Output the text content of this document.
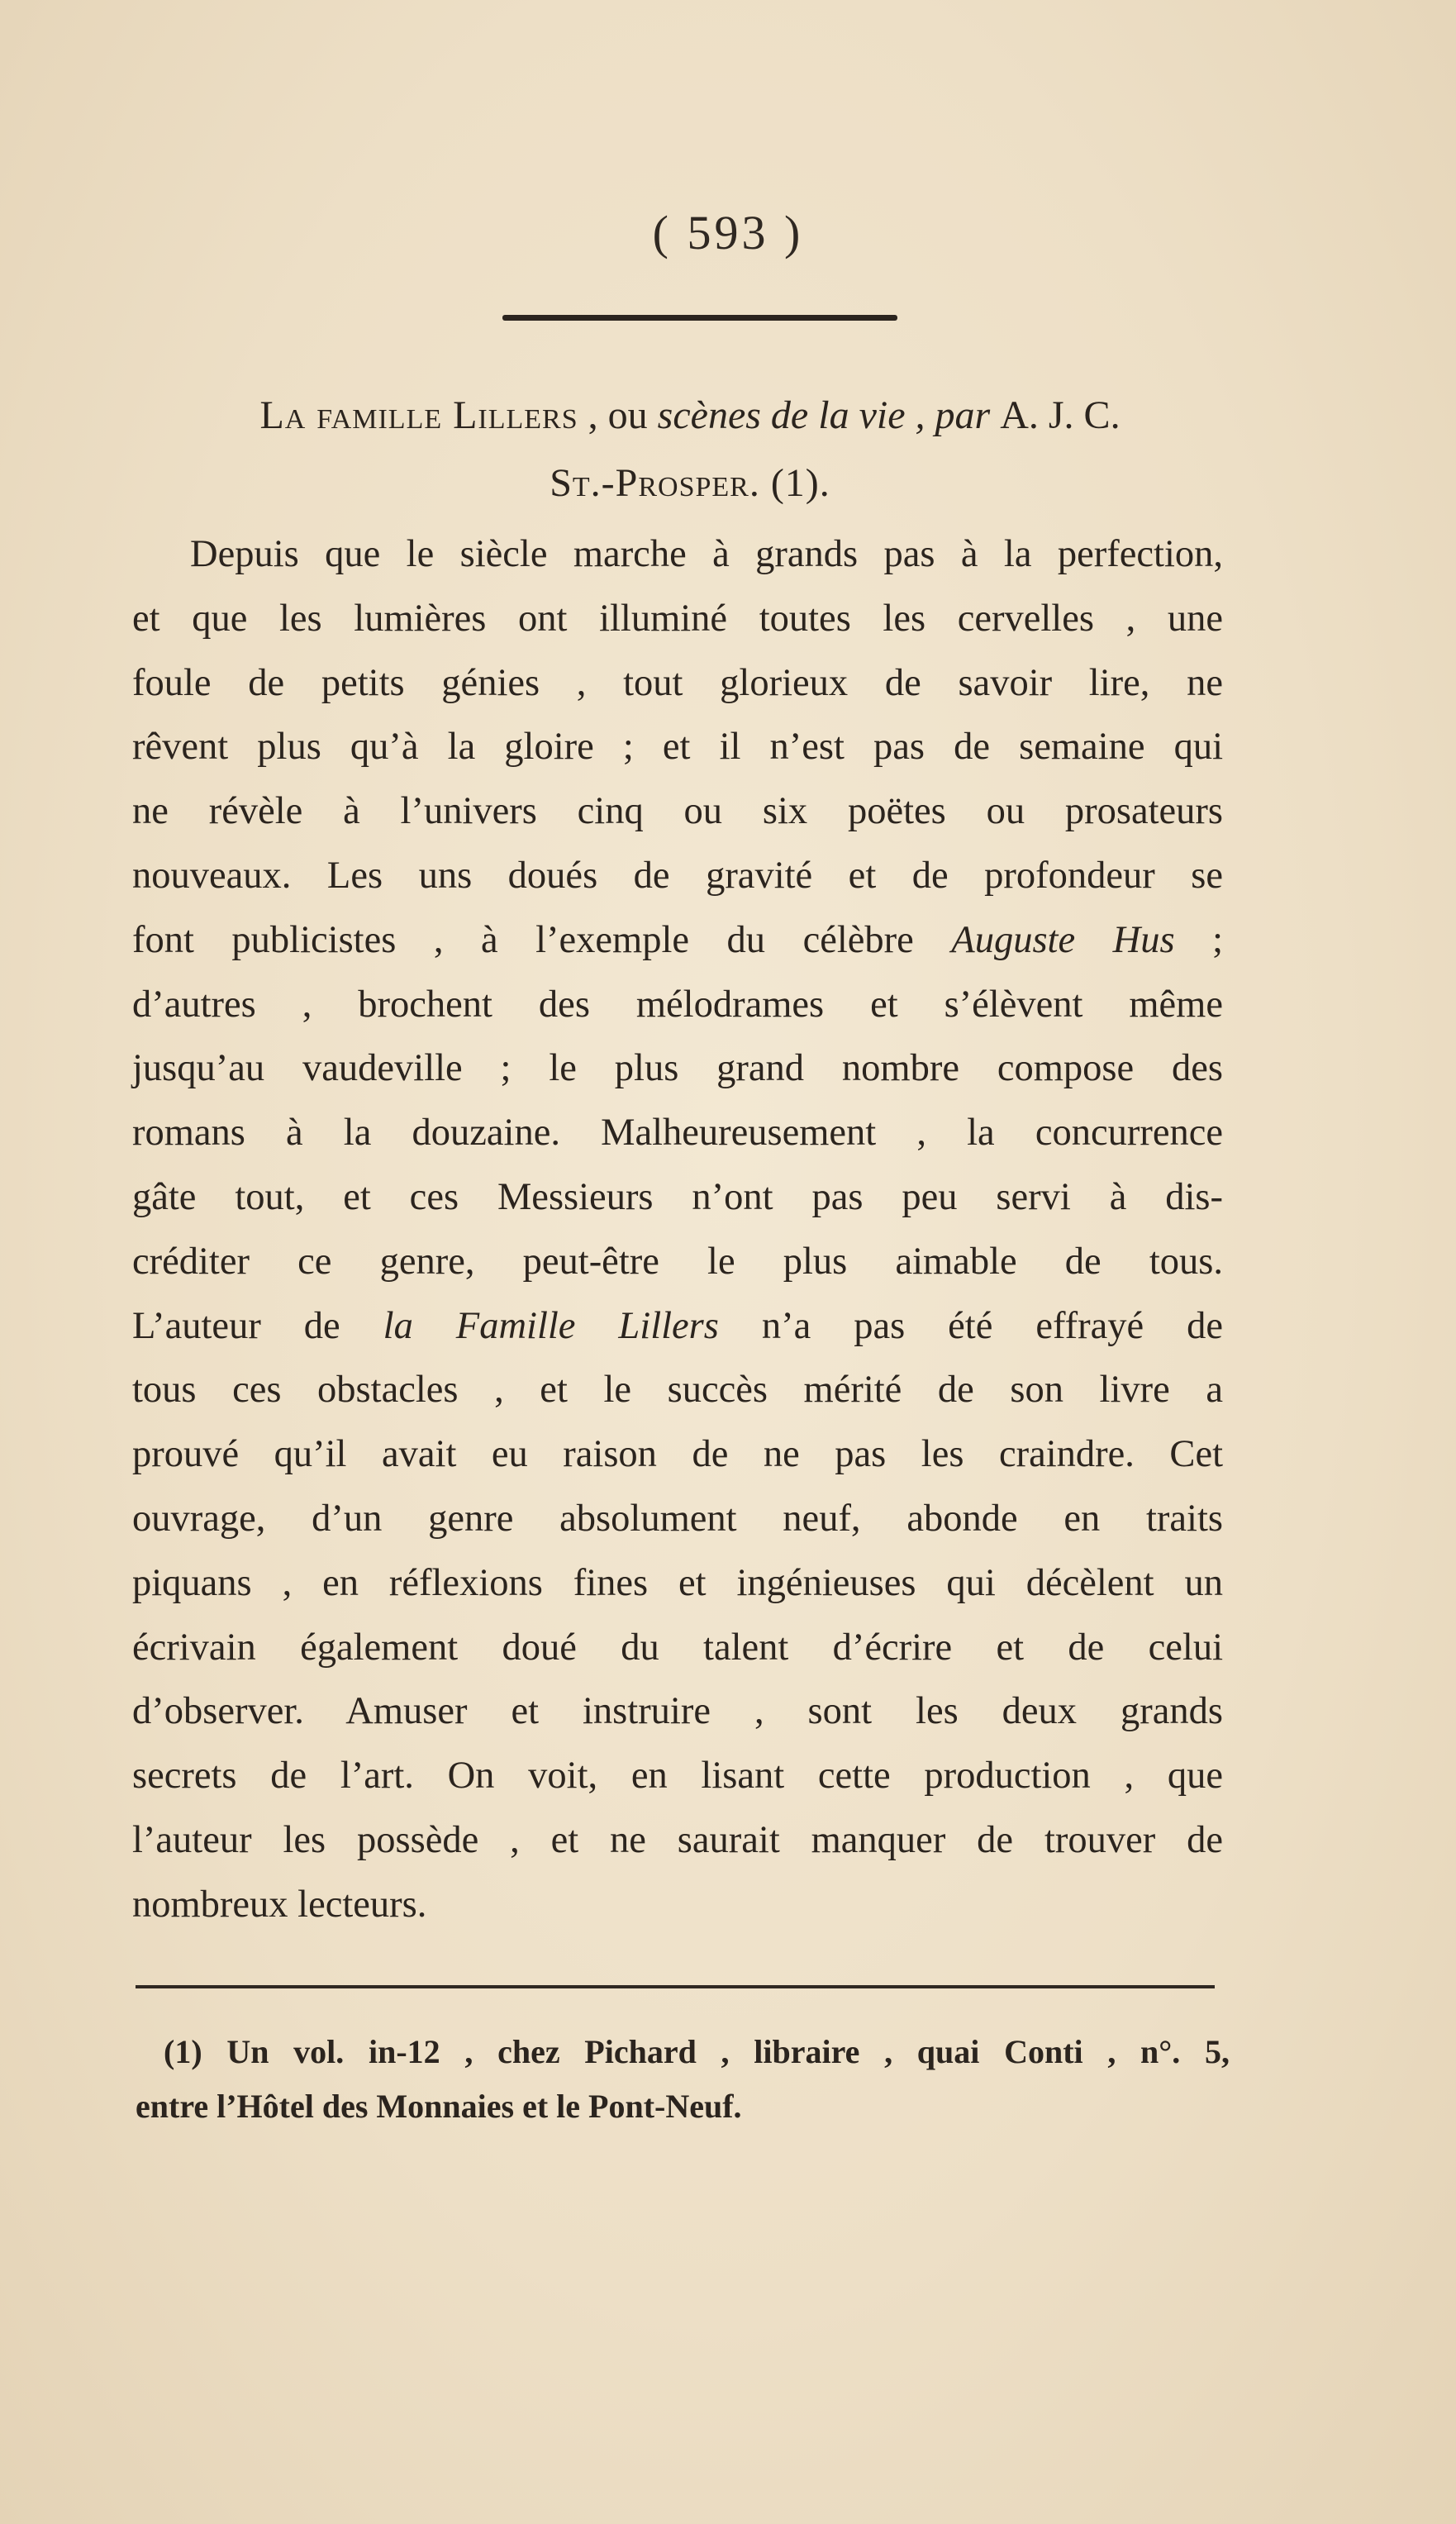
( 593 )
La famille Lillers , ou scènes de la vie , par A. J. C.
St.-Prosper. (1).
Depuis que le siècle marche à grands pas à la perfection,
et que les lumières ont illuminé toutes les cervelles , une
foule de petits génies , tout glorieux de savoir lire, ne
rêvent plus qu’à la gloire ; et il n’est pas de semaine qui
ne révèle à l’univers cinq ou six poëtes ou prosateurs
nouveaux. Les uns doués de gravité et de profondeur se
font publicistes , à l’exemple du célèbre Auguste Hus ;
d’autres , brochent des mélodrames et s’élèvent même
jusqu’au vaudeville ; le plus grand nombre compose des
romans à la douzaine. Malheureusement , la concurrence
gâte tout, et ces Messieurs n’ont pas peu servi à dis-
créditer ce genre, peut-être le plus aimable de tous.
L’auteur de la Famille Lillers n’a pas été effrayé de
tous ces obstacles , et le succès mérité de son livre a
prouvé qu’il avait eu raison de ne pas les craindre. Cet
ouvrage, d’un genre absolument neuf, abonde en traits
piquans , en réflexions fines et ingénieuses qui décèlent un
écrivain également doué du talent d’écrire et de celui
d’observer. Amuser et instruire , sont les deux grands
secrets de l’art. On voit, en lisant cette production , que
l’auteur les possède , et ne saurait manquer de trouver de
nombreux lecteurs.
(1) Un vol. in-12 , chez Pichard , libraire , quai Conti , n°. 5,
entre l’Hôtel des Monnaies et le Pont-Neuf.
